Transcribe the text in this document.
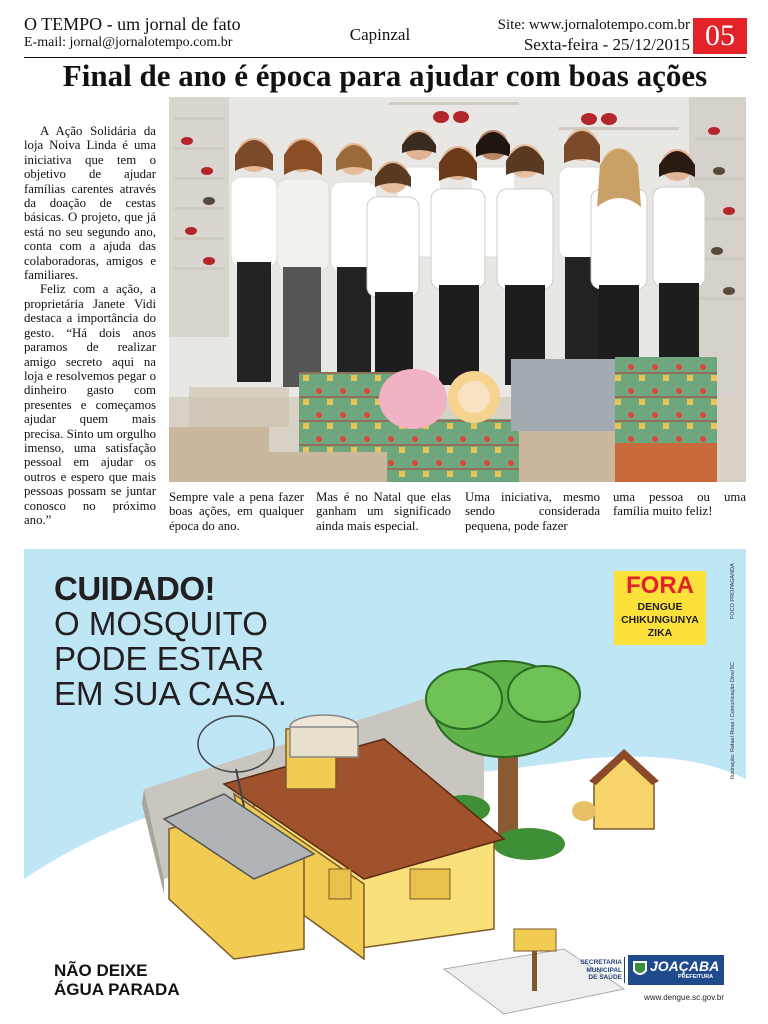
O TEMPO - um jornal de fato
E-mail: jornal@jornalotempo.com.br	Capinzal	Site: www.jornalotempo.com.br
Sexta-feira - 25/12/2015 05
Final de ano é época para ajudar com boas ações

A Ação Solidária da loja Noiva Linda é uma iniciativa que tem o objetivo de ajudar famílias carentes através da doação de cestas básicas. O projeto, que já está no seu segundo ano, conta com a ajuda das colaboradoras, amigos e familiares.

Feliz com a ação, a proprietária Janete Vidi destaca a importância do gesto. “Há dois anos paramos de realizar amigo secreto aqui na loja e resolvemos pegar o dinheiro gasto com presentes e começamos ajudar quem mais precisa. Sinto um orgulho imenso, uma satisfação pessoal em ajudar os outros e espero que mais pessoas possam se juntar conosco no próximo ano.”

Sempre vale a pena fazer boas ações, em qualquer época do ano.

Mas é no Natal que elas ganham um significado ainda mais especial.

Uma iniciativa, mesmo sendo considerada pequena, pode fazer

uma pessoa ou uma família muito feliz!

CUIDADO!
O MOSQUITO
PODE ESTAR
EM SUA CASA.
NÃO DEIXE
ÁGUA PARADA
FORA
DENGUE
CHIKUNGUNYA
ZIKA
FOCO PROPAGANDA
Ilustração: Rafael Rosa / Comunicação Dive/SC
SECRETARIA
MUNICIPAL
DE SAÚDE
JOAÇABA
PREFEITURA
www.dengue.sc.gov.br
